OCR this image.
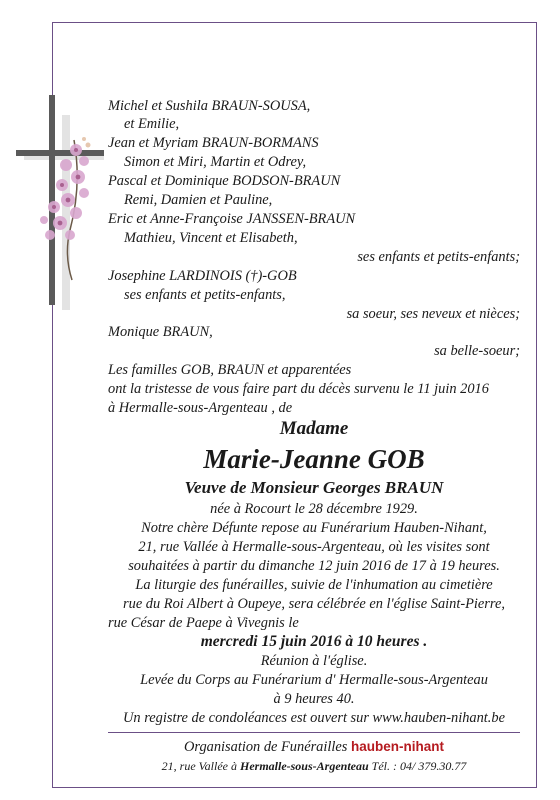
Michel et Sushila BRAUN-SOUSA,
et Emilie,
Jean et Myriam BRAUN-BORMANS
Simon et Miri, Martin et Odrey,
Pascal et Dominique BODSON-BRAUN
Remi, Damien et Pauline,
Eric et Anne-Françoise JANSSEN-BRAUN
Mathieu, Vincent et Elisabeth,
ses enfants et petits-enfants;
Josephine LARDINOIS (†)-GOB
ses enfants et petits-enfants,
sa soeur, ses neveux et nièces;
Monique BRAUN,
sa belle-soeur;
Les familles GOB, BRAUN et apparentées
ont la tristesse de vous faire part du décès survenu le 11 juin 2016
à Hermalle-sous-Argenteau , de
Madame
Marie-Jeanne GOB
Veuve de Monsieur Georges BRAUN
née à Rocourt le 28 décembre 1929.
Notre chère Défunte repose au Funérarium Hauben-Nihant,
21, rue Vallée à Hermalle-sous-Argenteau, où les visites sont
souhaitées à partir du dimanche 12 juin 2016 de 17 à 19 heures.
La liturgie des funérailles, suivie de l'inhumation au cimetière
rue du Roi Albert à Oupeye, sera célébrée en l'église Saint-Pierre,
rue César de Paepe à Vivegnis le
mercredi 15 juin 2016 à 10 heures .
Réunion à l'église.
Levée du Corps au Funérarium d' Hermalle-sous-Argenteau
à 9 heures 40.
Un registre de condoléances est ouvert sur www.hauben-nihant.be
Organisation de Funérailles hauben-nihant
21, rue Vallée à Hermalle-sous-Argenteau Tél. : 04/ 379.30.77
